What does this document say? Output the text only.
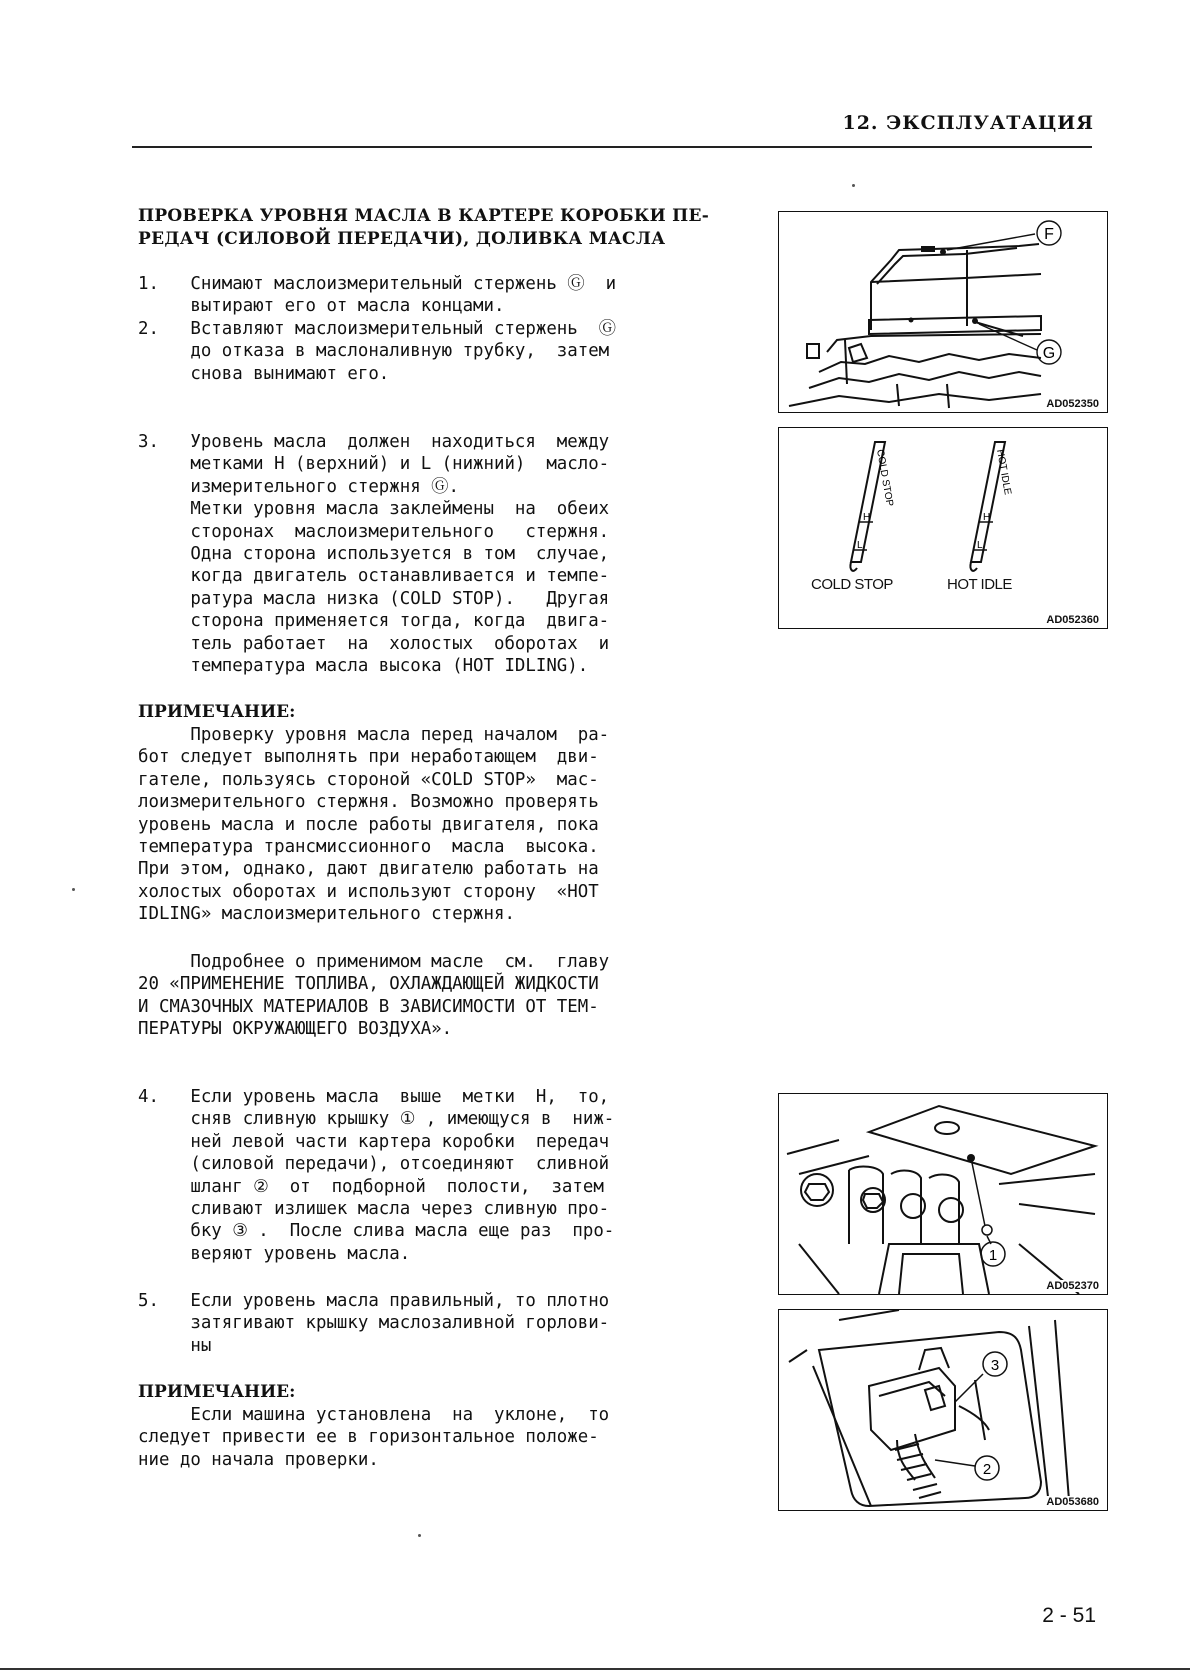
12. ЭКСПЛУАТАЦИЯ
ПРОВЕРКА УРОВНЯ МАСЛА В КАРТЕРЕ КОРОБКИ ПЕ-
РЕДАЧ (СИЛОВОЙ ПЕРЕДАЧИ), ДОЛИВКА МАСЛА
1.   Снимают маслоизмерительный стержень Ⓖ  и
вытирают его от масла концами.
2.   Вставляют маслоизмерительный стержень  Ⓖ
до отказа в маслоналивную трубку,  затем
снова вынимают его.
3.   Уровень масла  должен  находиться  между
метками H (верхний) и L (нижний)  масло-
измерительного стержня Ⓖ.
Метки уровня масла заклеймены  на  обеих
сторонах  маслоизмерительного   стержня.
Одна сторона используется в том  случае,
когда двигатель останавливается и темпе-
ратура масла низка (COLD STOP).   Другая
сторона применяется тогда, когда  двига-
тель работает  на  холостых  оборотах  и
температура масла высока (HOT IDLING).
ПРИМЕЧАНИЕ:
Проверку уровня масла перед началом  ра-
бот следует выполнять при неработающем  дви-
гателе, пользуясь стороной «COLD STOP»  мас-
лоизмерительного стержня. Возможно проверять
уровень масла и после работы двигателя, пока
температура трансмиссионного  масла  высока.
При этом, однако, дают двигателю работать на
холостых оборотах и используют сторону  «HOT
IDLING» маслоизмерительного стержня.
Подробнее о применимом масле  см.  главу
20 «ПРИМЕНЕНИЕ ТОПЛИВА, ОХЛАЖДАЮЩЕЙ ЖИДКОСТИ
И СМАЗОЧНЫХ МАТЕРИАЛОВ В ЗАВИСИМОСТИ ОТ ТЕМ-
ПЕРАТУРЫ ОКРУЖАЮЩЕГО ВОЗДУХА».
4.   Если уровень масла  выше  метки  H,  то,
сняв сливную крышку ① , имеющуся в  ниж-
ней левой части картера коробки  передач
(силовой передачи), отсоединяют  сливной
шланг ②  от  подборной  полости,  затем
сливают излишек масла через сливную про-
бку ③ .  После слива масла еще раз  про-
веряют уровень масла.
5.   Если уровень масла правильный, то плотно
затягивают крышку маслозаливной горлови-
ны
ПРИМЕЧАНИЕ:
Если машина установлена  на  уклоне,  то
следует привести ее в горизонтальное положе-
ние до начала проверки.
F
G
AD052350
COLD STOP	HOT IDLE
H
L
H
L
COLD STOP	HOT IDLE
AD052360
1
AD052370
3
2
AD053680
2 - 51
